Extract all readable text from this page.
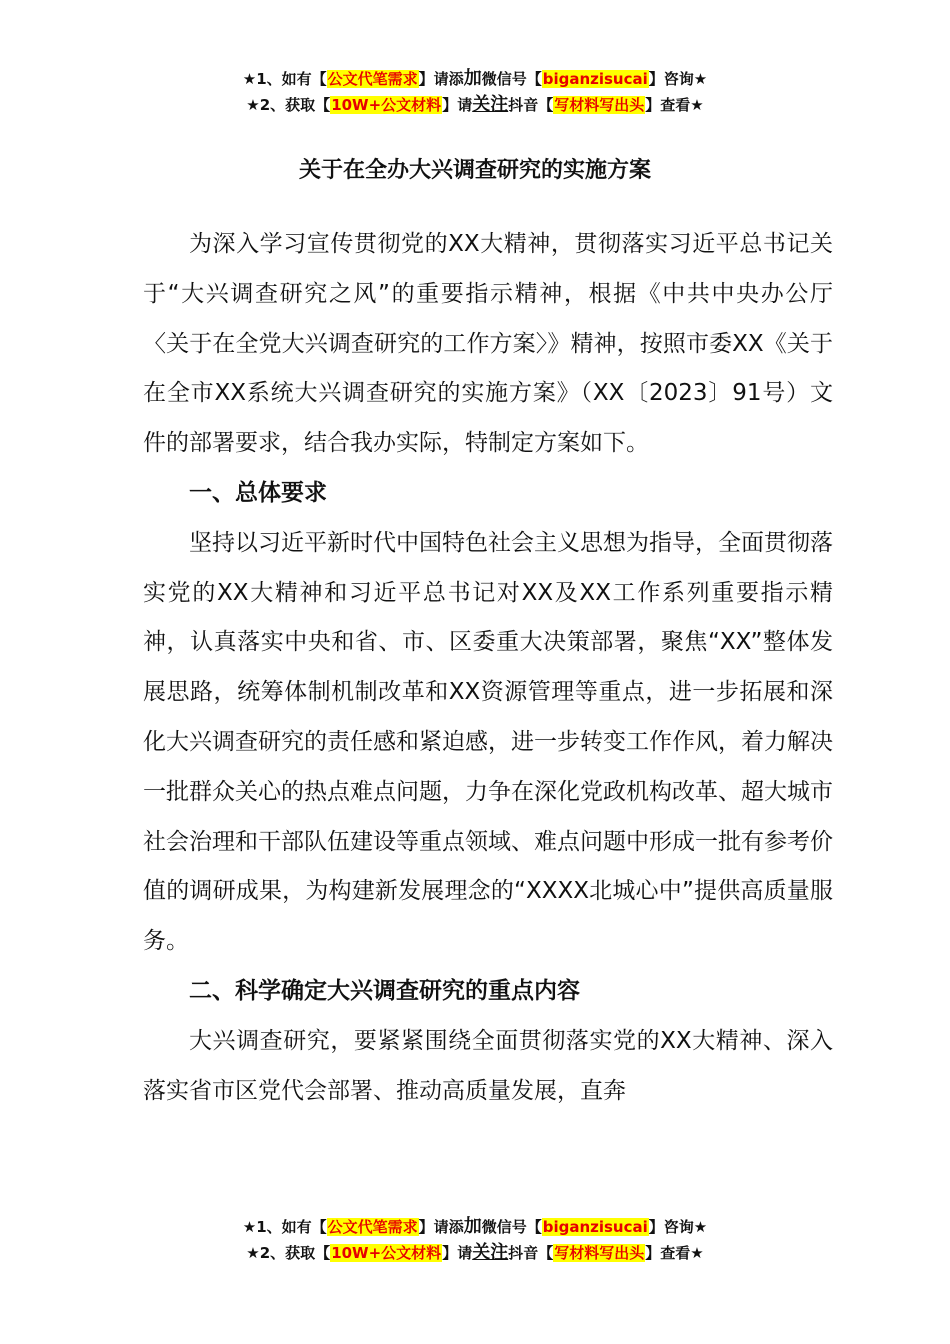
★1、如有【公文代笔需求】请添加微信号【biganzisucai】咨询★
★2、获取【10W+公文材料】请关注抖音【写材料写出头】查看★
关于在全办大兴调查研究的实施方案

为深入学习宣传贯彻党的XX大精神，贯彻落实习近平总书记关于“大兴调查研究之风”的重要指示精神，根据《中共中央办公厅〈关于在全党大兴调查研究的工作方案〉》精神，按照市委XX《关于在全市XX系统大兴调查研究的实施方案》（XX〔2023〕91号）文件的部署要求，结合我办实际，特制定方案如下。

一、总体要求

坚持以习近平新时代中国特色社会主义思想为指导，全面贯彻落实党的XX大精神和习近平总书记对XX及XX工作系列重要指示精神，认真落实中央和省、市、区委重大决策部署，聚焦“XX”整体发展思路，统筹体制机制改革和XX资源管理等重点，进一步拓展和深化大兴调查研究的责任感和紧迫感，进一步转变工作作风，着力解决一批群众关心的热点难点问题，力争在深化党政机构改革、超大城市社会治理和干部队伍建设等重点领域、难点问题中形成一批有参考价值的调研成果，为构建新发展理念的“XXXX北城心中”提供高质量服务。

二、科学确定大兴调查研究的重点内容

大兴调查研究，要紧紧围绕全面贯彻落实党的XX大精神、深入落实省市区党代会部署、推动高质量发展，直奔

★1、如有【公文代笔需求】请添加微信号【biganzisucai】咨询★
★2、获取【10W+公文材料】请关注抖音【写材料写出头】查看★
